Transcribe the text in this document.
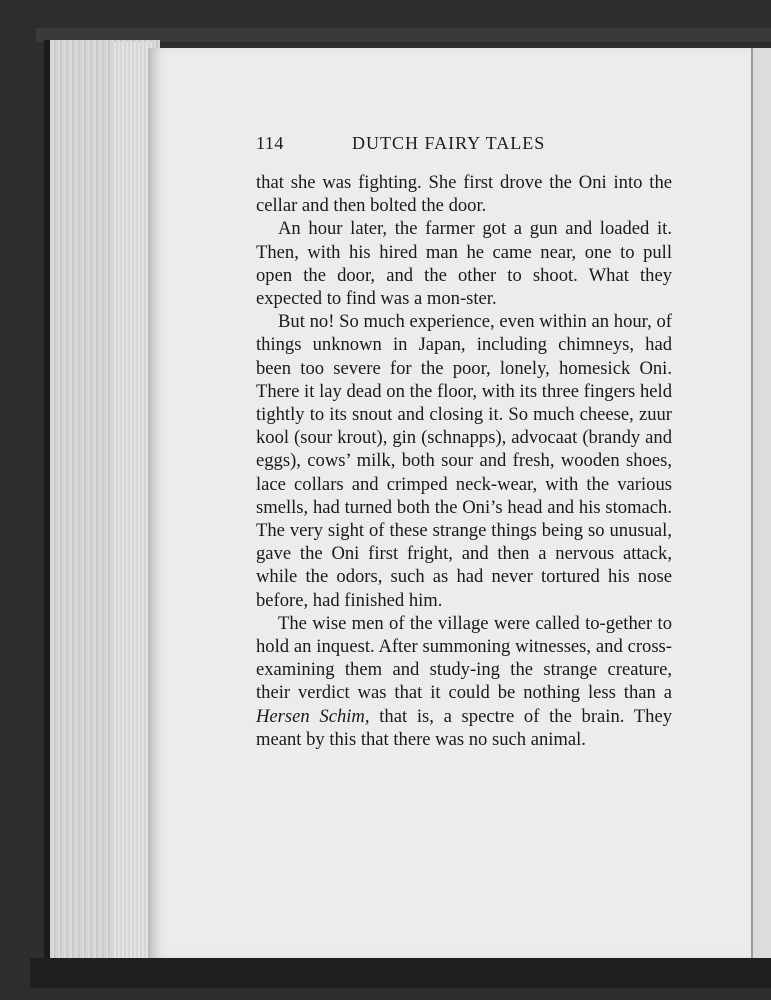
114	DUTCH FAIRY TALES

that she was fighting. She first drove the Oni into the cellar and then bolted the door.

An hour later, the farmer got a gun and loaded it. Then, with his hired man he came near, one to pull open the door, and the other to shoot. What they expected to find was a mon-ster.

But no! So much experience, even within an hour, of things unknown in Japan, including chimneys, had been too severe for the poor, lonely, homesick Oni. There it lay dead on the floor, with its three fingers held tightly to its snout and closing it. So much cheese, zuur kool (sour krout), gin (schnapps), advocaat (brandy and eggs), cows’ milk, both sour and fresh, wooden shoes, lace collars and crimped neck-wear, with the various smells, had turned both the Oni’s head and his stomach. The very sight of these strange things being so unusual, gave the Oni first fright, and then a nervous attack, while the odors, such as had never tortured his nose before, had finished him.

The wise men of the village were called to-gether to hold an inquest. After summoning witnesses, and cross-examining them and study-ing the strange creature, their verdict was that it could be nothing less than a Hersen Schim, that is, a spectre of the brain. They meant by this that there was no such animal.
